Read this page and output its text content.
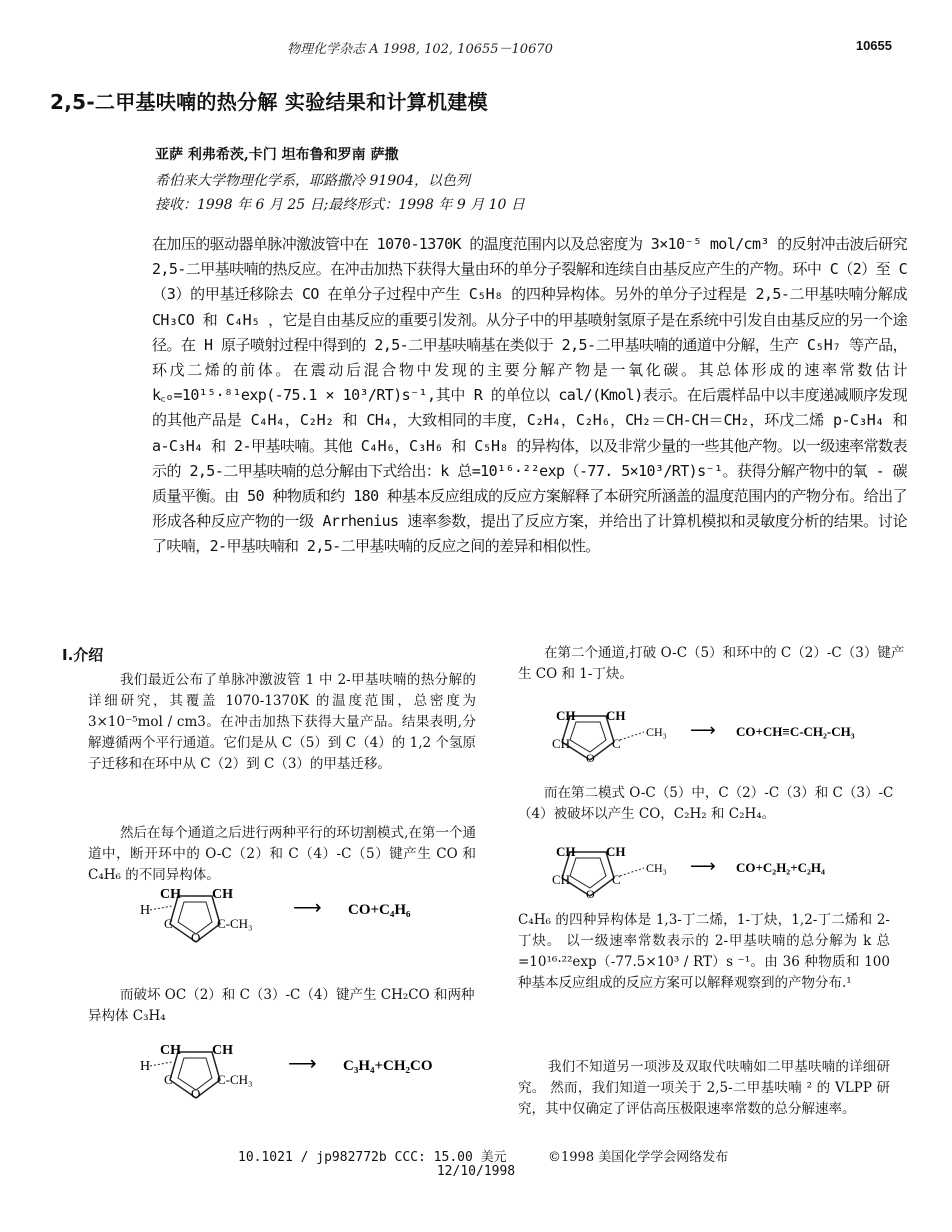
物理化学杂志 A 1998, 102, 10655－10670	10655
2,5-二甲基呋喃的热分解 实验结果和计算机建模
亚萨 利弗希茨,卡门 坦布鲁和罗南 萨撒
希伯来大学物理化学系，耶路撒冷 91904，以色列
接收：1998 年 6 月 25 日;最终形式：1998 年 9 月 10 日
在加压的驱动器单脉冲激波管中在 1070-1370K 的温度范围内以及总密度为 3×10⁻⁵ mol/cm³ 的反射冲击波后研究 2,5-二甲基呋喃的热反应。在冲击加热下获得大量由环的单分子裂解和连续自由基反应产生的产物。环中 C（2）至 C（3）的甲基迁移除去 CO 在单分子过程中产生 C₅H₈ 的四种异构体。另外的单分子过程是 2,5-二甲基呋喃分解成 CH₃CO 和 C₄H₅ ，它是自由基反应的重要引发剂。从分子中的甲基喷射氢原子是在系统中引发自由基反应的另一个途径。在 H 原子喷射过程中得到的 2,5-二甲基呋喃基在类似于 2,5-二甲基呋喃的通道中分解，生产 C₅H₇ 等产品，环戊二烯的前体。在震动后混合物中发现的主要分解产物是一氧化碳。其总体形成的速率常数估计 k꜀ₒ=10¹⁵·⁸¹exp(-75.1 × 10³/RT)s⁻¹,其中 R 的单位以 cal/(Kmol)表示。在后震样品中以丰度递减顺序发现的其他产品是 C₄H₄，C₂H₂ 和 CH₄，大致相同的丰度，C₂H₄，C₂H₆，CH₂＝CH-CH＝CH₂，环戊二烯 p-C₃H₄ 和 a-C₃H₄ 和 2-甲基呋喃。其他 C₄H₆，C₃H₆ 和 C₅H₈ 的异构体，以及非常少量的一些其他产物。以一级速率常数表示的 2,5-二甲基呋喃的总分解由下式给出：k 总=10¹⁶·²²exp（-77. 5×10³/RT)s⁻¹。获得分解产物中的氧 - 碳质量平衡。由 50 种物质和约 180 种基本反应组成的反应方案解释了本研究所涵盖的温度范围内的产物分布。给出了形成各种反应产物的一级 Arrhenius 速率参数，提出了反应方案，并给出了计算机模拟和灵敏度分析的结果。讨论了呋喃，2-甲基呋喃和 2,5-二甲基呋喃的反应之间的差异和相似性。
I.介绍
我们最近公布了单脉冲激波管 1 中 2-甲基呋喃的热分解的详细研究，其覆盖 1070-1370K 的温度范围，总密度为 3×10⁻⁵mol / cm3。在冲击加热下获得大量产品。结果表明,分解遵循两个平行通道。它们是从 C（5）到 C（4）的 1,2 个氢原子迁移和在环中从 C（2）到 C（3）的甲基迁移。
然后在每个通道之后进行两种平行的环切割模式,在第一个通道中，断开环中的 O-C（2）和 C（4）-C（5）键产生 CO 和 C₄H₆ 的不同异构体。
CH CH
H
C	C-CH₃
O
⟶ CO+C₄H₆
而破坏 OC（2）和 C（3）-C（4）键产生 CH₂CO 和两种异构体 C₃H₄
CH CH
H
C	C-CH₃
O
⟶ C₃H₄+CH₂CO
在第二个通道,打破 O-C（5）和环中的 C（2）-C（3）键产生 CO 和 1-丁炔。
CH CH
CH	C
CH₃
O
⟶ CO+CH≡C-CH₂-CH₃
而在第二模式 O-C（5）中，C（2）-C（3）和 C（3）-C（4）被破坏以产生 CO，C₂H₂ 和 C₂H₄。
CH CH
CH	C
CH₃
O
⟶ CO+C₂H₂+C₂H₄
C₄H₆ 的四种异构体是 1,3-丁二烯，1-丁炔，1,2-丁二烯和 2-丁炔。 以一级速率常数表示的 2-甲基呋喃的总分解为 k 总=10¹⁶·²²exp（-77.5×10³ / RT）s ⁻¹。由 36 种物质和 100 种基本反应组成的反应方案可以解释观察到的产物分布.¹
我们不知道另一项涉及双取代呋喃如二甲基呋喃的详细研究。 然而，我们知道一项关于 2,5-二甲基呋喃 ² 的 VLPP 研究，其中仅确定了评估高压极限速率常数的总分解速率。
10.1021 / jp982772b CCC: 15.00 美元	©1998 美国化学学会网络发布
12/10/1998
